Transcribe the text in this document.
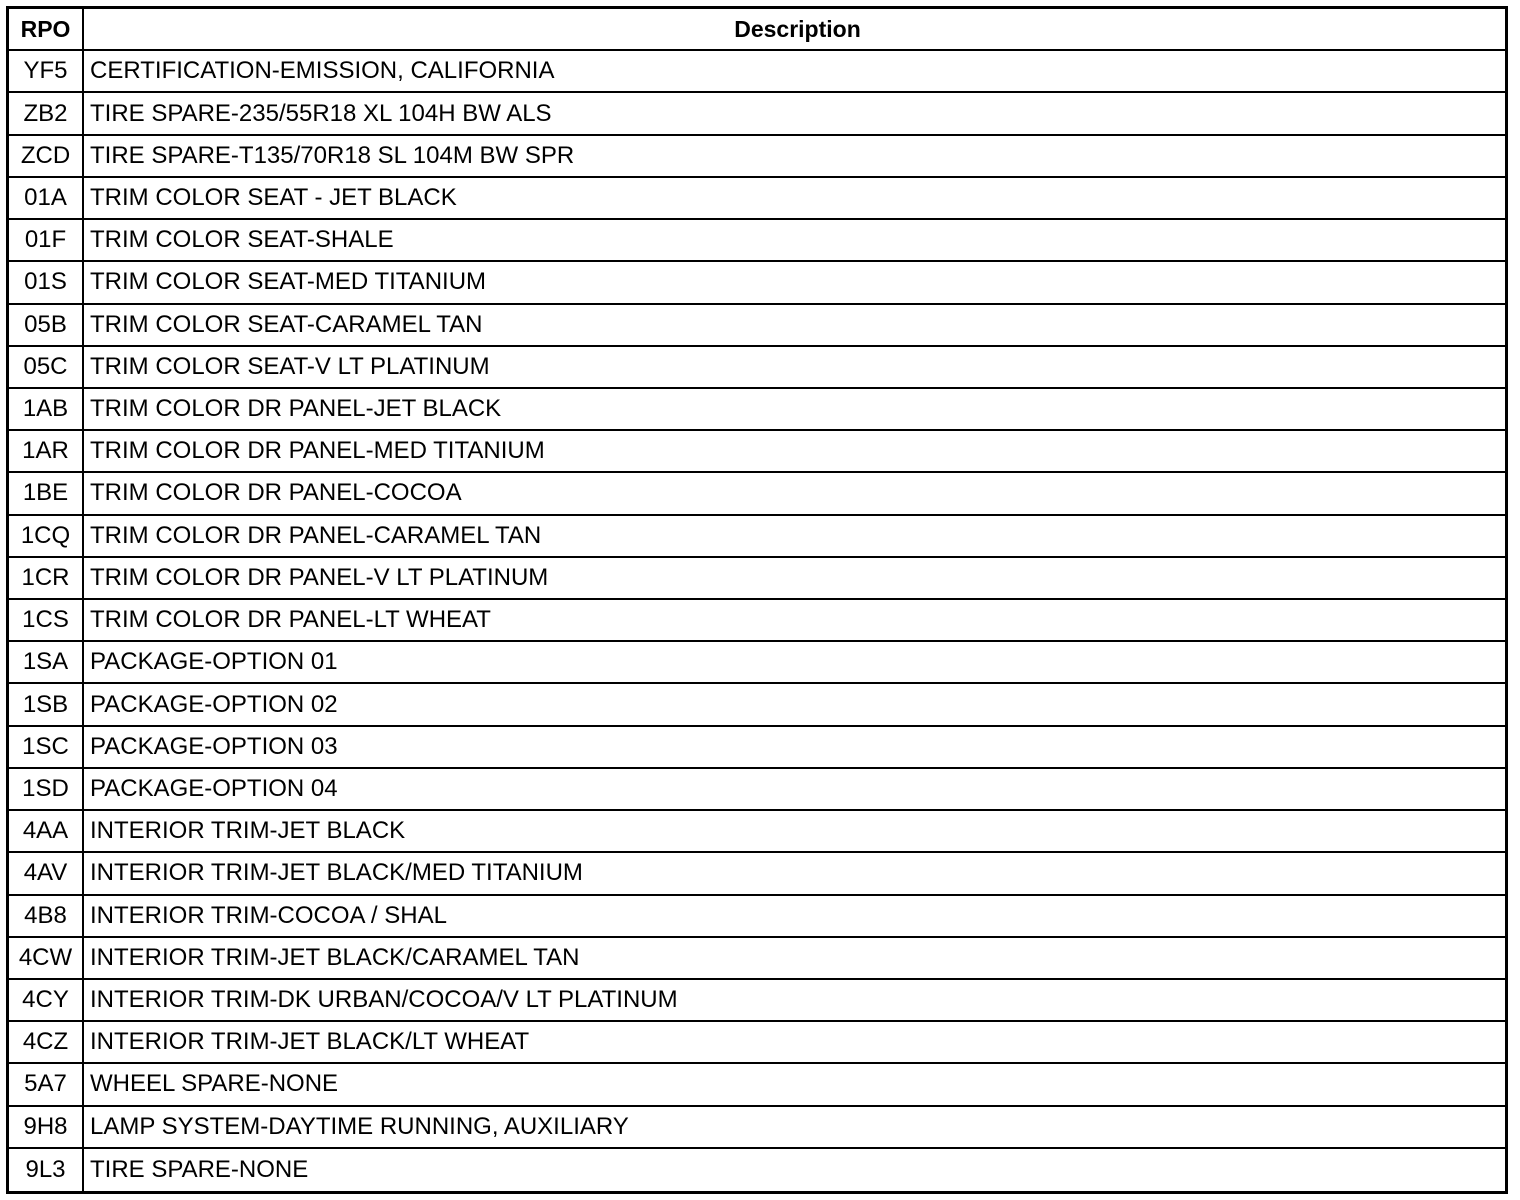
RPO	Description
YF5 CERTIFICATION-EMISSION, CALIFORNIA
ZB2 TIRE SPARE-235/55R18 XL 104H BW ALS
ZCD TIRE SPARE-T135/70R18 SL 104M BW SPR
01A TRIM COLOR SEAT - JET BLACK
01F TRIM COLOR SEAT-SHALE
01S TRIM COLOR SEAT-MED TITANIUM
05B TRIM COLOR SEAT-CARAMEL TAN
05C TRIM COLOR SEAT-V LT PLATINUM
1AB TRIM COLOR DR PANEL-JET BLACK
1AR TRIM COLOR DR PANEL-MED TITANIUM
1BE TRIM COLOR DR PANEL-COCOA
1CQ TRIM COLOR DR PANEL-CARAMEL TAN
1CR TRIM COLOR DR PANEL-V LT PLATINUM
1CS TRIM COLOR DR PANEL-LT WHEAT
1SA PACKAGE-OPTION 01
1SB PACKAGE-OPTION 02
1SC PACKAGE-OPTION 03
1SD PACKAGE-OPTION 04
4AA INTERIOR TRIM-JET BLACK
4AV INTERIOR TRIM-JET BLACK/MED TITANIUM
4B8 INTERIOR TRIM-COCOA / SHAL
4CW INTERIOR TRIM-JET BLACK/CARAMEL TAN
4CY INTERIOR TRIM-DK URBAN/COCOA/V LT PLATINUM
4CZ INTERIOR TRIM-JET BLACK/LT WHEAT
5A7 WHEEL SPARE-NONE
9H8 LAMP SYSTEM-DAYTIME RUNNING, AUXILIARY
9L3	TIRE SPARE-NONE
